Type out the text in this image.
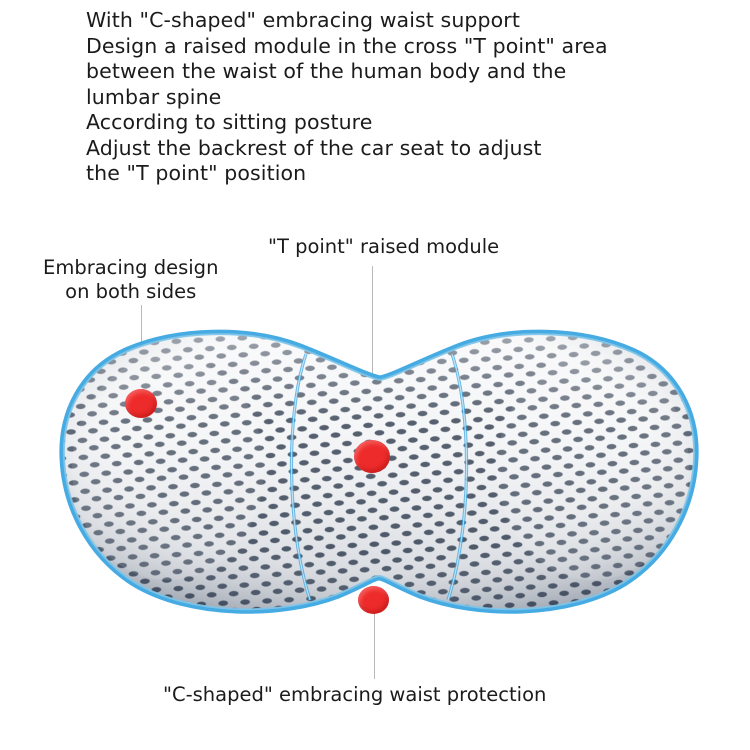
With "C-shaped" embracing waist support
Design a raised module in the cross "T point" area
between the waist of the human body and the
lumbar spine
According to sitting posture
Adjust the backrest of the car seat to adjust
the "T point" position
"T point" raised module
Embracing design
on both sides
"C-shaped" embracing waist protection
